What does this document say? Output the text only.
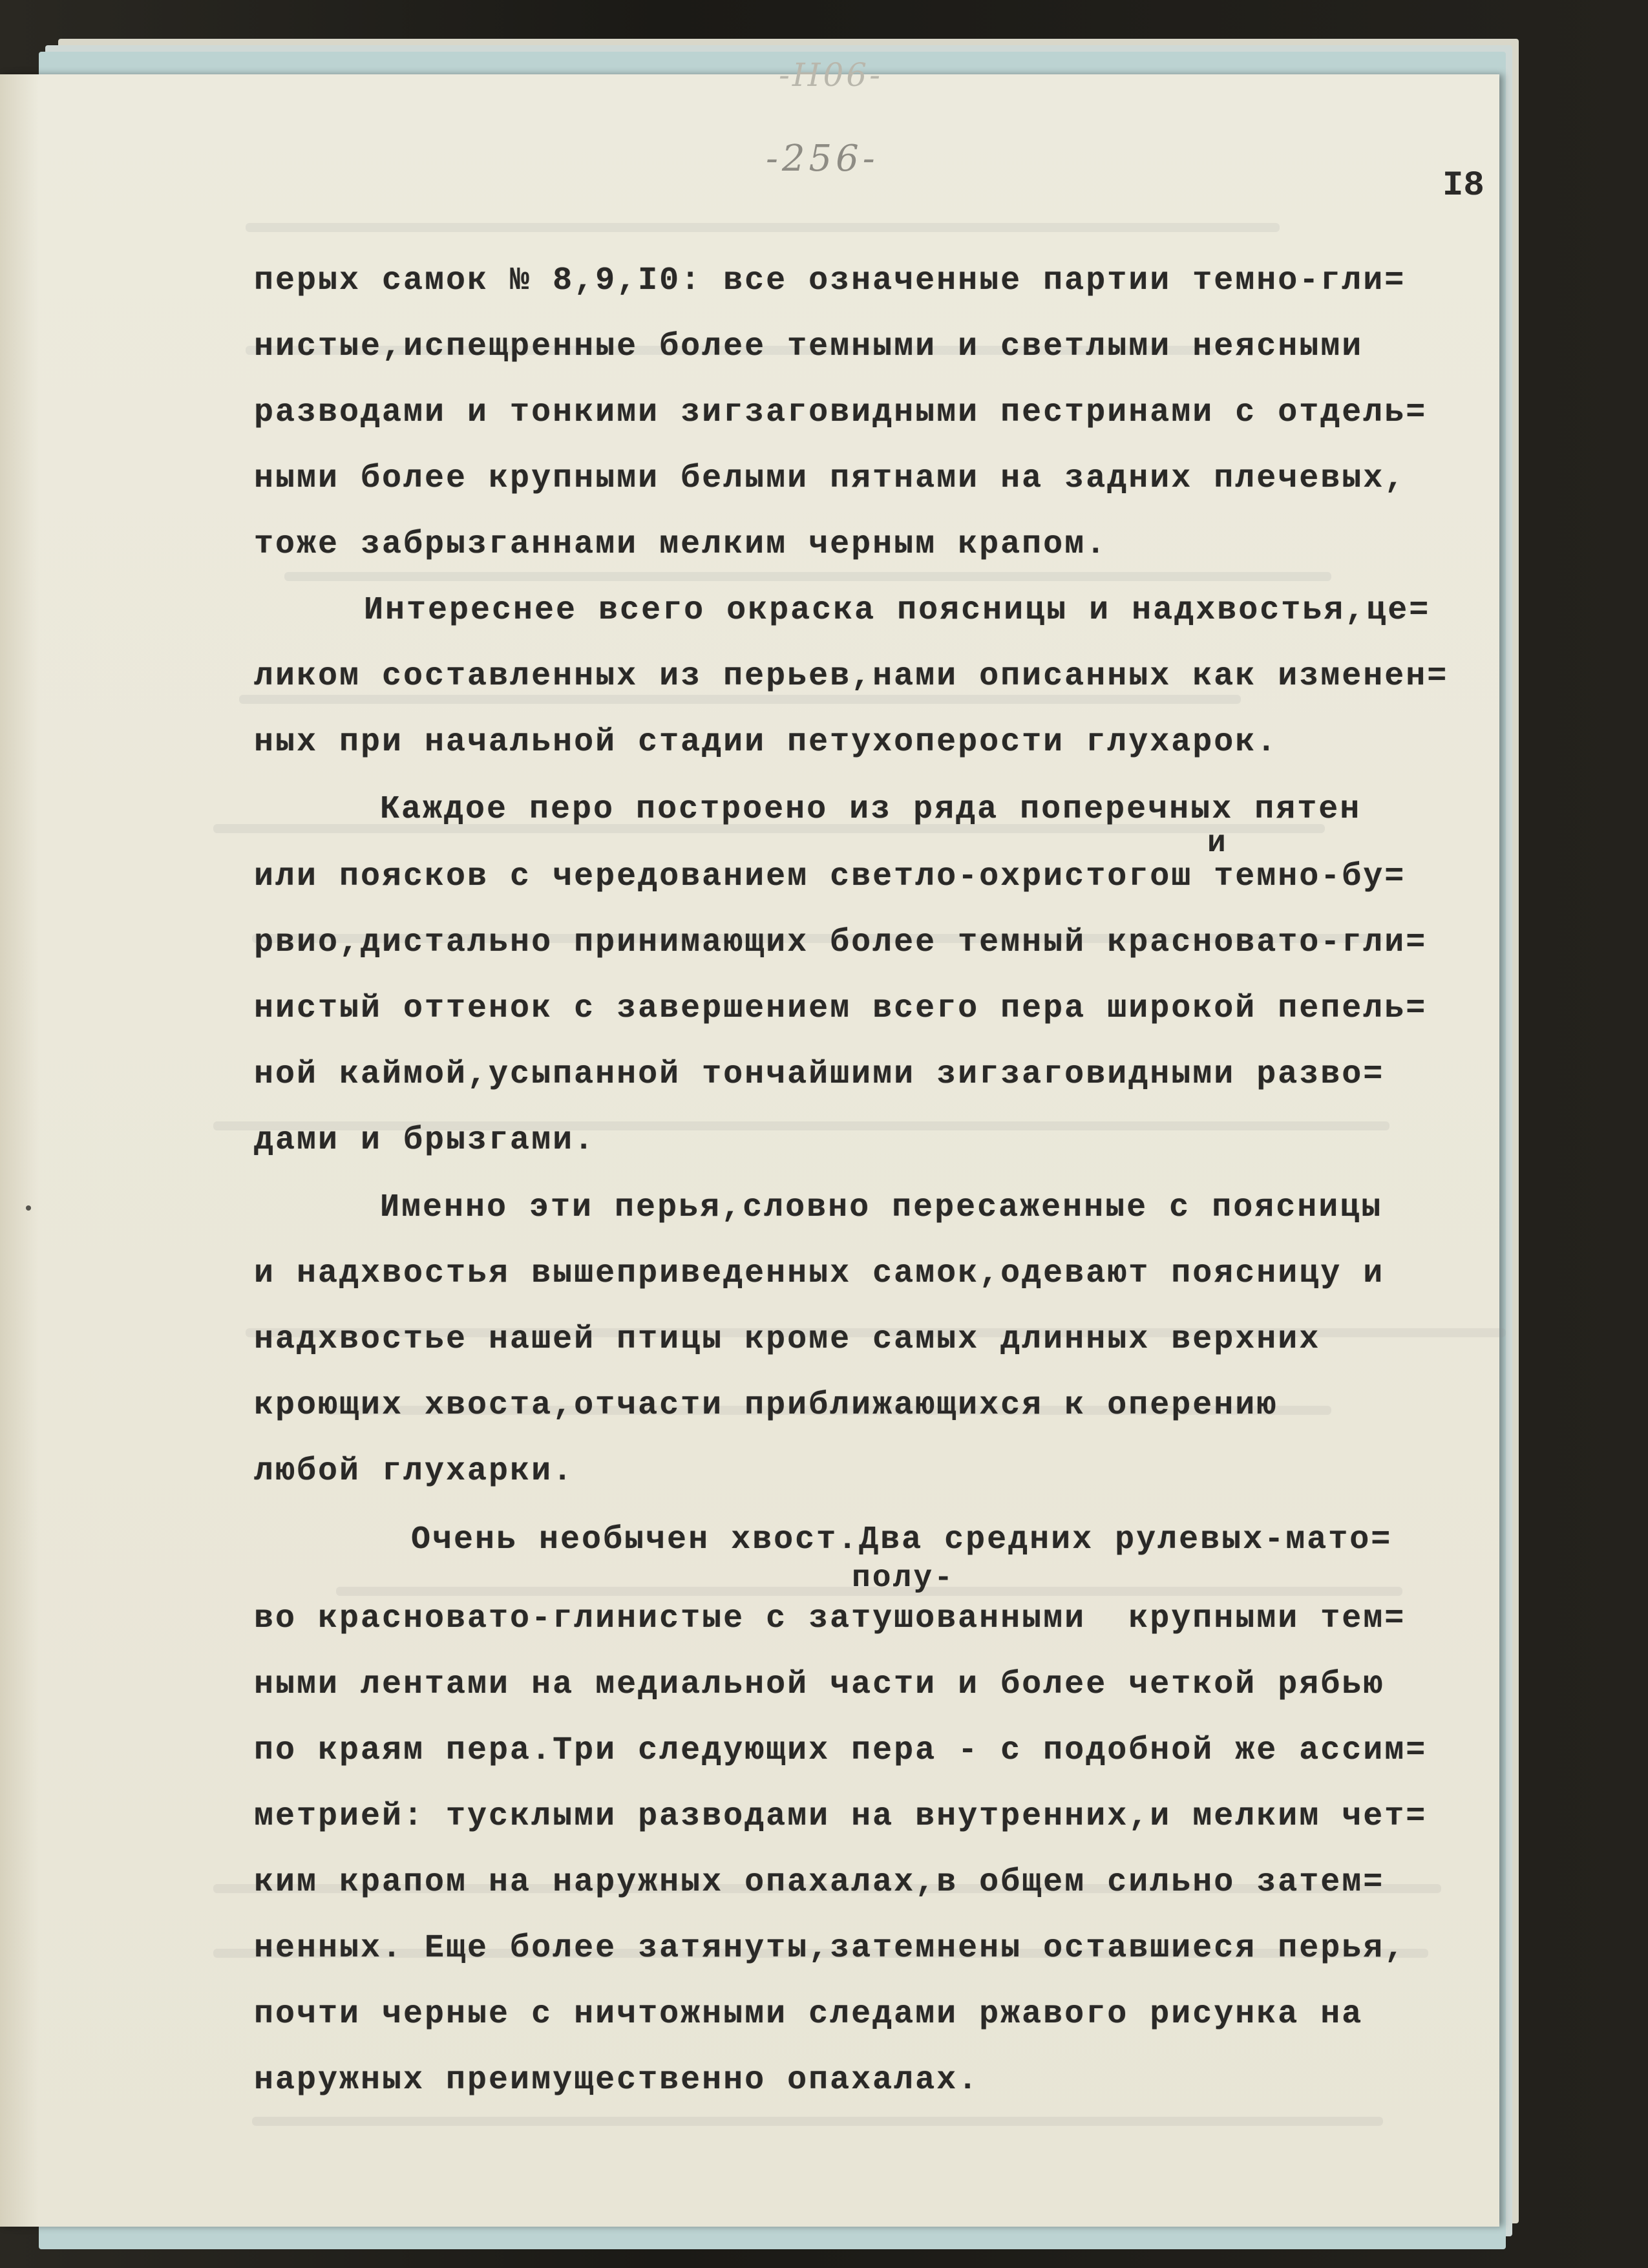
-Н06-
-256-
I8
перых самок № 8,9,I0: все означенные партии темно-гли=
нистые,испещренные более темными и светлыми неясными
разводами и тонкими зигзаговидными пестринами с отдель=
ными более крупными белыми пятнами на задних плечевых,
тоже забрызганнами мелким черным крапом.
Интереснее всего окраска поясницы и надхвостья,це=
ликом составленных из перьев,нами описанных как изменен=
ных при начальной стадии петухоперости глухарок.
Каждое перо построено из ряда поперечных пятен
и
или поясков с чередованием светло-охристогош темно-бу=
рвио,дистально принимающих более темный красновато-гли=
нистый оттенок с завершением всего пера широкой пепель=
ной каймой,усыпанной тончайшими зигзаговидными разво=
дами и брызгами.
Именно эти перья,словно пересаженные с поясницы
и надхвостья вышеприведенных самок,одевают поясницу и
надхвостье нашей птицы кроме самых длинных верхних
кроющих хвоста,отчасти приближающихся к оперению
любой глухарки.
Очень необычен хвост.Два средних рулевых-мато=
полу-
во красновато-глинистые с затушованными  крупными тем=
ными лентами на медиальной части и более четкой рябью
по краям пера.Три следующих пера - с подобной же ассим=
метрией: тусклыми разводами на внутренних,и мелким чет=
ким крапом на наружных опахалах,в общем сильно затем=
ненных. Еще более затянуты,затемнены оставшиеся перья,
почти черные с ничтожными следами ржавого рисунка на
наружных преимущественно опахалах.
